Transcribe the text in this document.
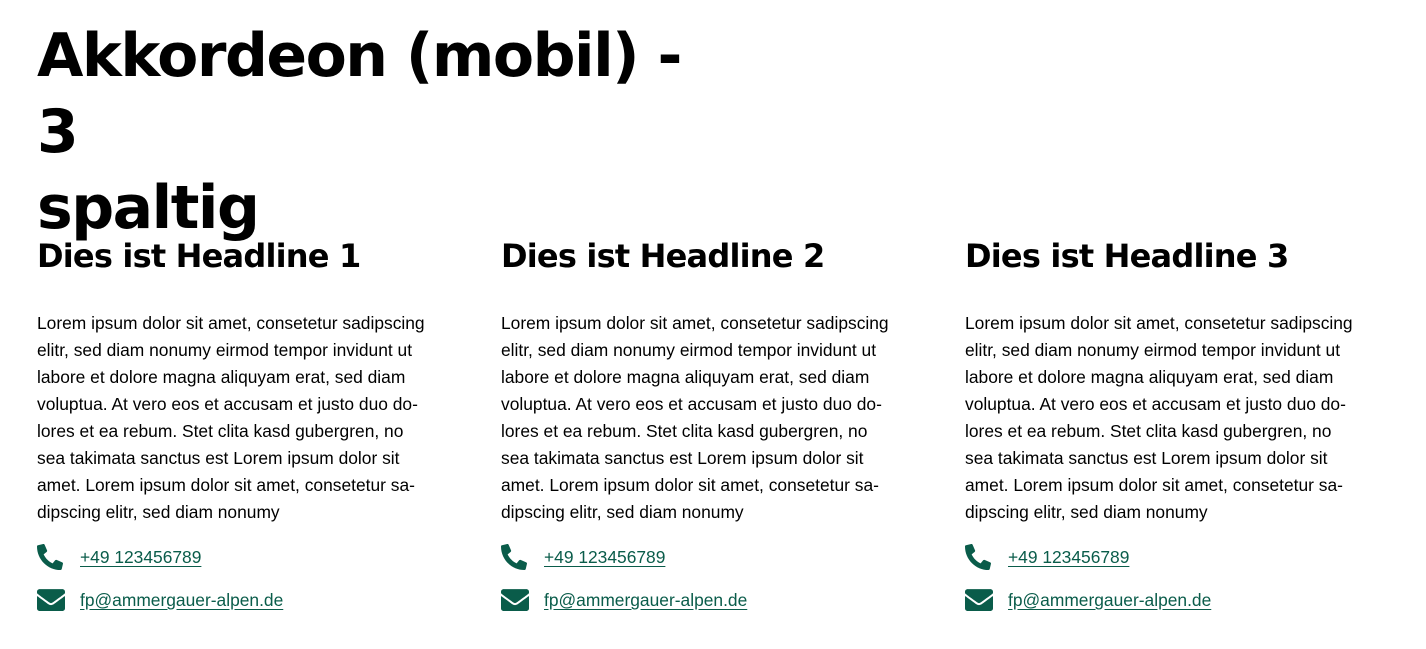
Akkordeon (mobil) - 3
spaltig
Dies ist Headline 1

Lorem ipsum dolor sit amet, consetetur sadipscing
elitr, sed diam nonumy eirmod tempor invidunt ut
labore et dolore magna aliquyam erat, sed diam
voluptua. At vero eos et accusam et justo duo do-
lores et ea rebum. Stet clita kasd gubergren, no
sea takimata sanctus est Lorem ipsum dolor sit
amet. Lorem ipsum dolor sit amet, consetetur sa-
dipscing elitr, sed diam nonumy

+49 123456789
fp@ammergauer-alpen.de
Dies ist Headline 2

Lorem ipsum dolor sit amet, consetetur sadipscing
elitr, sed diam nonumy eirmod tempor invidunt ut
labore et dolore magna aliquyam erat, sed diam
voluptua. At vero eos et accusam et justo duo do-
lores et ea rebum. Stet clita kasd gubergren, no
sea takimata sanctus est Lorem ipsum dolor sit
amet. Lorem ipsum dolor sit amet, consetetur sa-
dipscing elitr, sed diam nonumy

+49 123456789
fp@ammergauer-alpen.de
Dies ist Headline 3

Lorem ipsum dolor sit amet, consetetur sadipscing
elitr, sed diam nonumy eirmod tempor invidunt ut
labore et dolore magna aliquyam erat, sed diam
voluptua. At vero eos et accusam et justo duo do-
lores et ea rebum. Stet clita kasd gubergren, no
sea takimata sanctus est Lorem ipsum dolor sit
amet. Lorem ipsum dolor sit amet, consetetur sa-
dipscing elitr, sed diam nonumy

+49 123456789
fp@ammergauer-alpen.de
